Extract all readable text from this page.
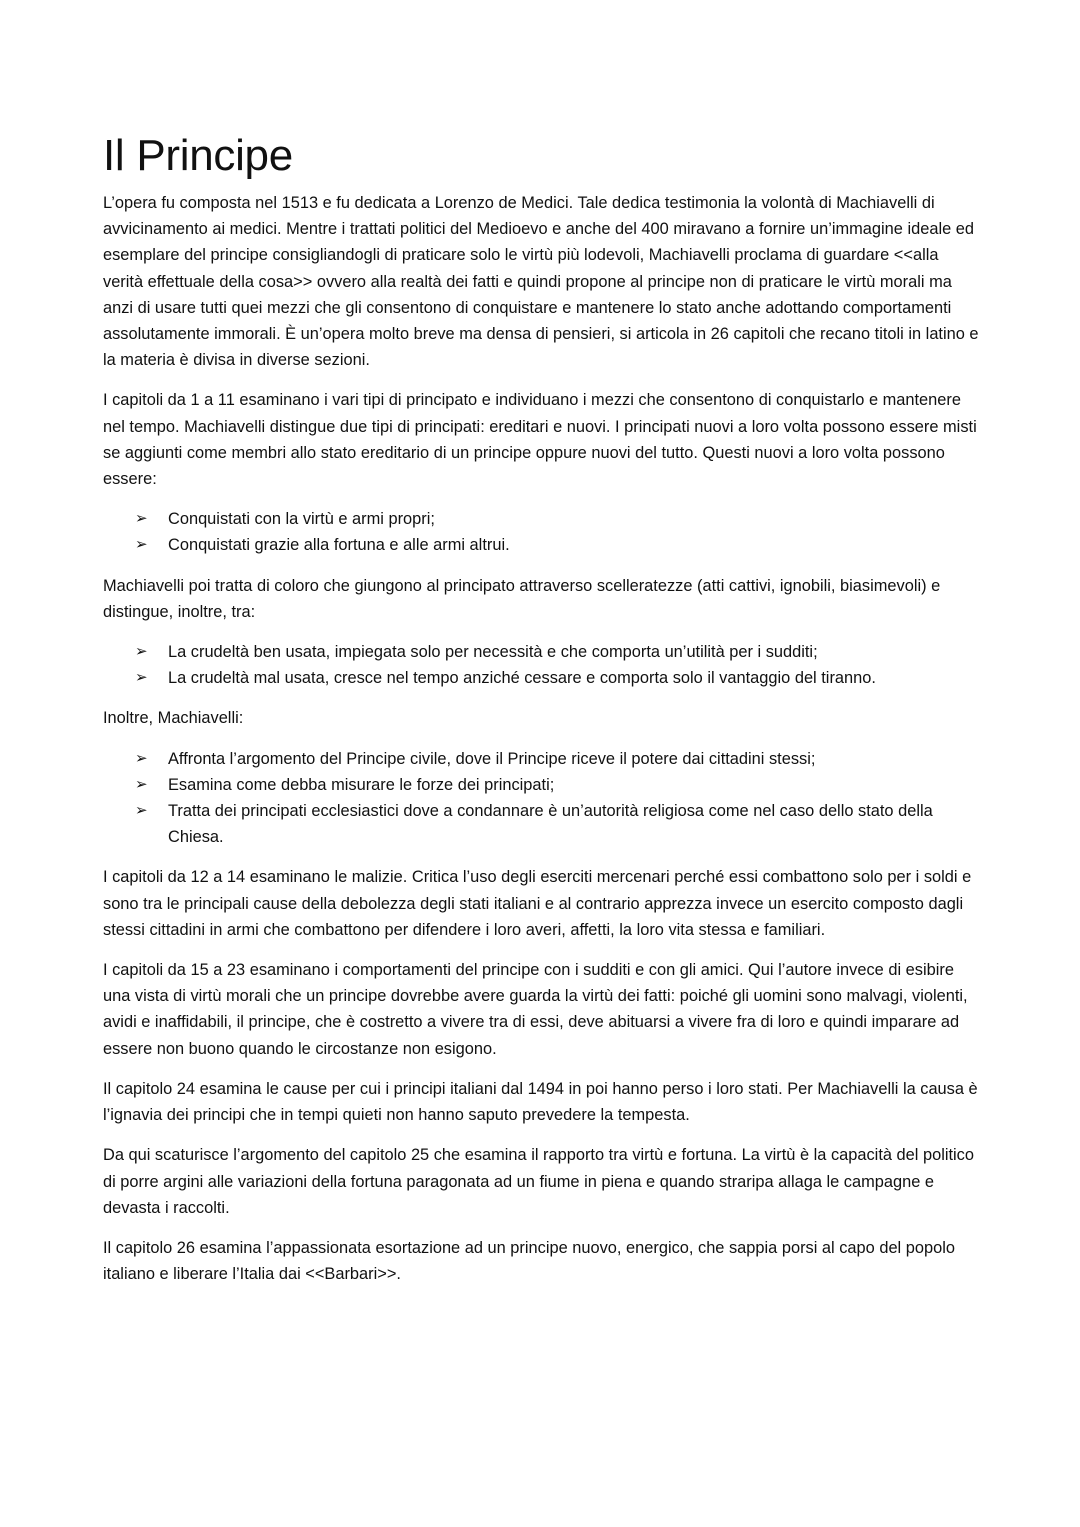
Il Principe

L’opera fu composta nel 1513 e fu dedicata a Lorenzo de Medici. Tale dedica testimonia la volontà di Machiavelli di avvicinamento ai medici. Mentre i trattati politici del Medioevo e anche del 400 miravano a fornire un’immagine ideale ed esemplare del principe consigliandogli di praticare solo le virtù più lodevoli, Machiavelli proclama di guardare <<alla verità effettuale della cosa>> ovvero alla realtà dei fatti e quindi propone al principe non di praticare le virtù morali ma anzi di usare tutti quei mezzi che gli consentono di conquistare e mantenere lo stato anche adottando comportamenti assolutamente immorali. È un’opera molto breve ma densa di pensieri, si articola in 26 capitoli che recano titoli in latino e la materia è divisa in diverse sezioni.

I capitoli da 1 a 11 esaminano i vari tipi di principato e individuano i mezzi che consentono di conquistarlo e mantenere nel tempo. Machiavelli distingue due tipi di principati: ereditari e nuovi. I principati nuovi a loro volta possono essere misti se aggiunti come membri allo stato ereditario di un principe oppure nuovi del tutto. Questi nuovi a loro volta possono essere:

➢	Conquistati con la virtù e armi propri;
➢	Conquistati grazie alla fortuna e alle armi altrui.

Machiavelli poi tratta di coloro che giungono al principato attraverso scelleratezze (atti cattivi, ignobili, biasimevoli) e distingue, inoltre, tra:

➢	La crudeltà ben usata, impiegata solo per necessità e che comporta un’utilità per i sudditi;
➢	La crudeltà mal usata, cresce nel tempo anziché cessare e comporta solo il vantaggio del tiranno.

Inoltre, Machiavelli:

➢	Affronta l’argomento del Principe civile, dove il Principe riceve il potere dai cittadini stessi;
➢	Esamina come debba misurare le forze dei principati;
➢	Tratta dei principati ecclesiastici dove a condannare è un’autorità religiosa come nel caso dello stato della Chiesa.

I capitoli da 12 a 14 esaminano le malizie. Critica l’uso degli eserciti mercenari perché essi combattono solo per i soldi e sono tra le principali cause della debolezza degli stati italiani e al contrario apprezza invece un esercito composto dagli stessi cittadini in armi che combattono per difendere i loro averi, affetti, la loro vita stessa e familiari.

I capitoli da 15 a 23 esaminano i comportamenti del principe con i sudditi e con gli amici. Qui l’autore invece di esibire una vista di virtù morali che un principe dovrebbe avere guarda la virtù dei fatti: poiché gli uomini sono malvagi, violenti, avidi e inaffidabili, il principe, che è costretto a vivere tra di essi, deve abituarsi a vivere fra di loro e quindi imparare ad essere non buono quando le circostanze non esigono.

Il capitolo 24 esamina le cause per cui i principi italiani dal 1494 in poi hanno perso i loro stati. Per Machiavelli la causa è l’ignavia dei principi che in tempi quieti non hanno saputo prevedere la tempesta.

Da qui scaturisce l’argomento del capitolo 25 che esamina il rapporto tra virtù e fortuna. La virtù è la capacità del politico di porre argini alle variazioni della fortuna paragonata ad un fiume in piena e quando straripa allaga le campagne e devasta i raccolti.

Il capitolo 26 esamina l’appassionata esortazione ad un principe nuovo, energico, che sappia porsi al capo del popolo italiano e liberare l’Italia dai <<Barbari>>.
